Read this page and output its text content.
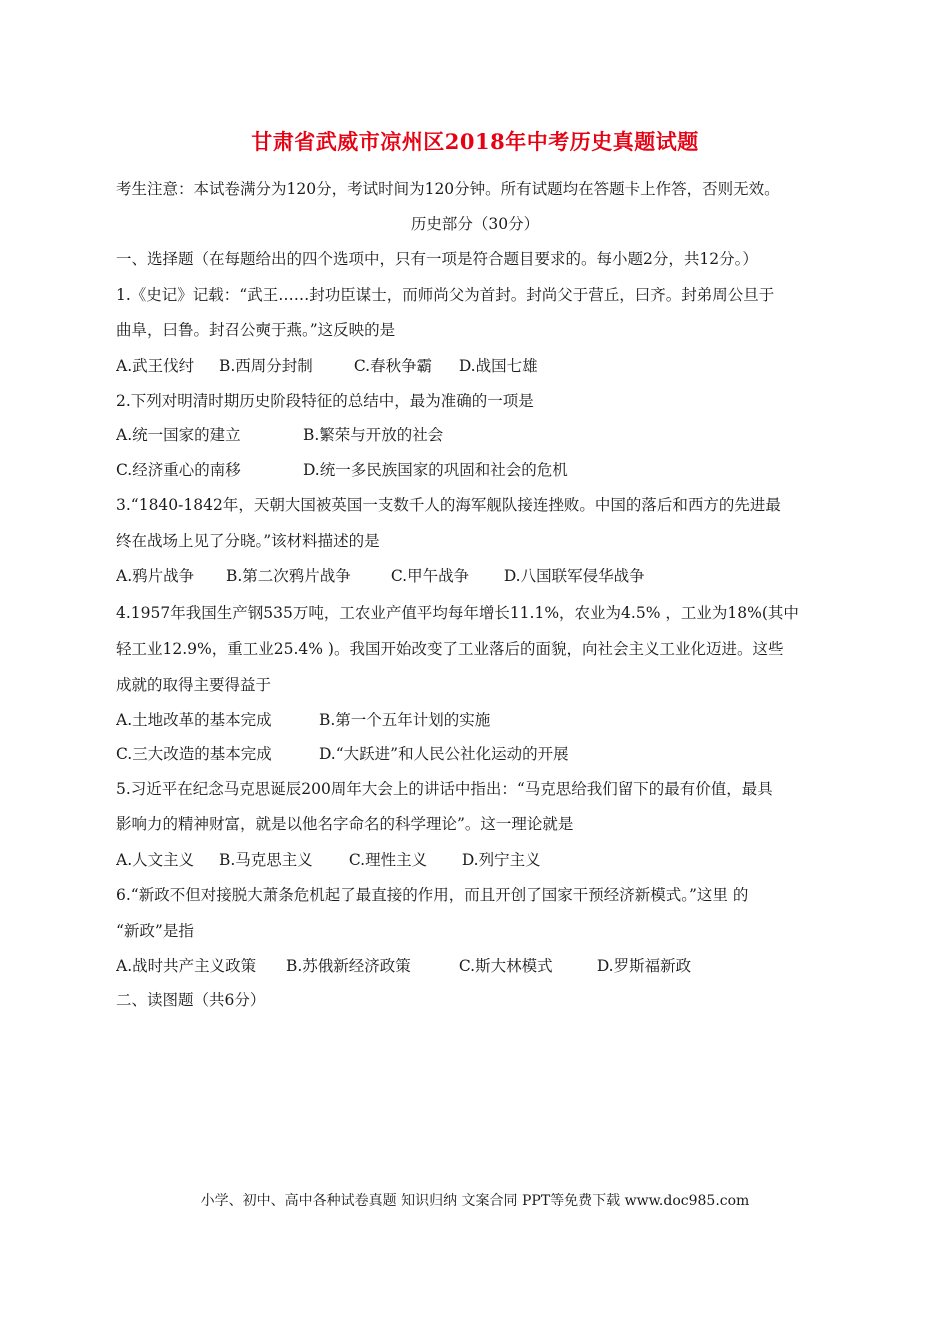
甘肃省武威市凉州区2018年中考历史真题试题
考生注意：本试卷满分为120分，考试时间为120分钟。所有试题均在答题卡上作答，否则无效。
历史部分（30分）
一、选择题（在每题给出的四个选项中，只有一项是符合题目要求的。每小题2分，共12分。）
1.《史记》记载：“武王……封功臣谋士，而师尚父为首封。封尚父于营丘，曰齐。封弟周公旦于
曲阜，曰鲁。封召公奭于燕。”这反映的是
A.武王伐纣 B.西周分封制	C.春秋争霸 D.战国七雄
2.下列对明清时期历史阶段特征的总结中，最为准确的一项是
A.统一国家的建立	B.繁荣与开放的社会
C.经济重心的南移	D.统一多民族国家的巩固和社会的危机
3.“1840-1842年，天朝大国被英国一支数千人的海军舰队接连挫败。中国的落后和西方的先进最
终在战场上见了分晓。”该材料描述的是
A.鸦片战争 B.第二次鸦片战争	C.甲午战争 D.八国联军侵华战争
4.1957年我国生产钢535万吨，工农业产值平均每年增长11.1%，农业为4.5% ，工业为18%(其中
轻工业12.9%，重工业25.4% )。我国开始改变了工业落后的面貌，向社会主义工业化迈进。这些
成就的取得主要得益于
A.土地改革的基本完成	B.第一个五年计划的实施
C.三大改造的基本完成	D.“大跃进”和人民公社化运动的开展
5.习近平在纪念马克思诞辰200周年大会上的讲话中指出：“马克思给我们留下的最有价值，最具
影响力的精神财富，就是以他名字命名的科学理论”。这一理论就是
A.人文主义 B.马克思主义 C.理性主义 D.列宁主义
6.“新政不但对接脱大萧条危机起了最直接的作用，而且开创了国家干预经济新模式。”这里 的
“新政”是指
A.战时共产主义政策 B.苏俄新经济政策	C.斯大林模式	D.罗斯福新政
二、读图题（共6分）
小学、初中、高中各种试卷真题 知识归纳 文案合同 PPT等免费下载 www.doc985.com
